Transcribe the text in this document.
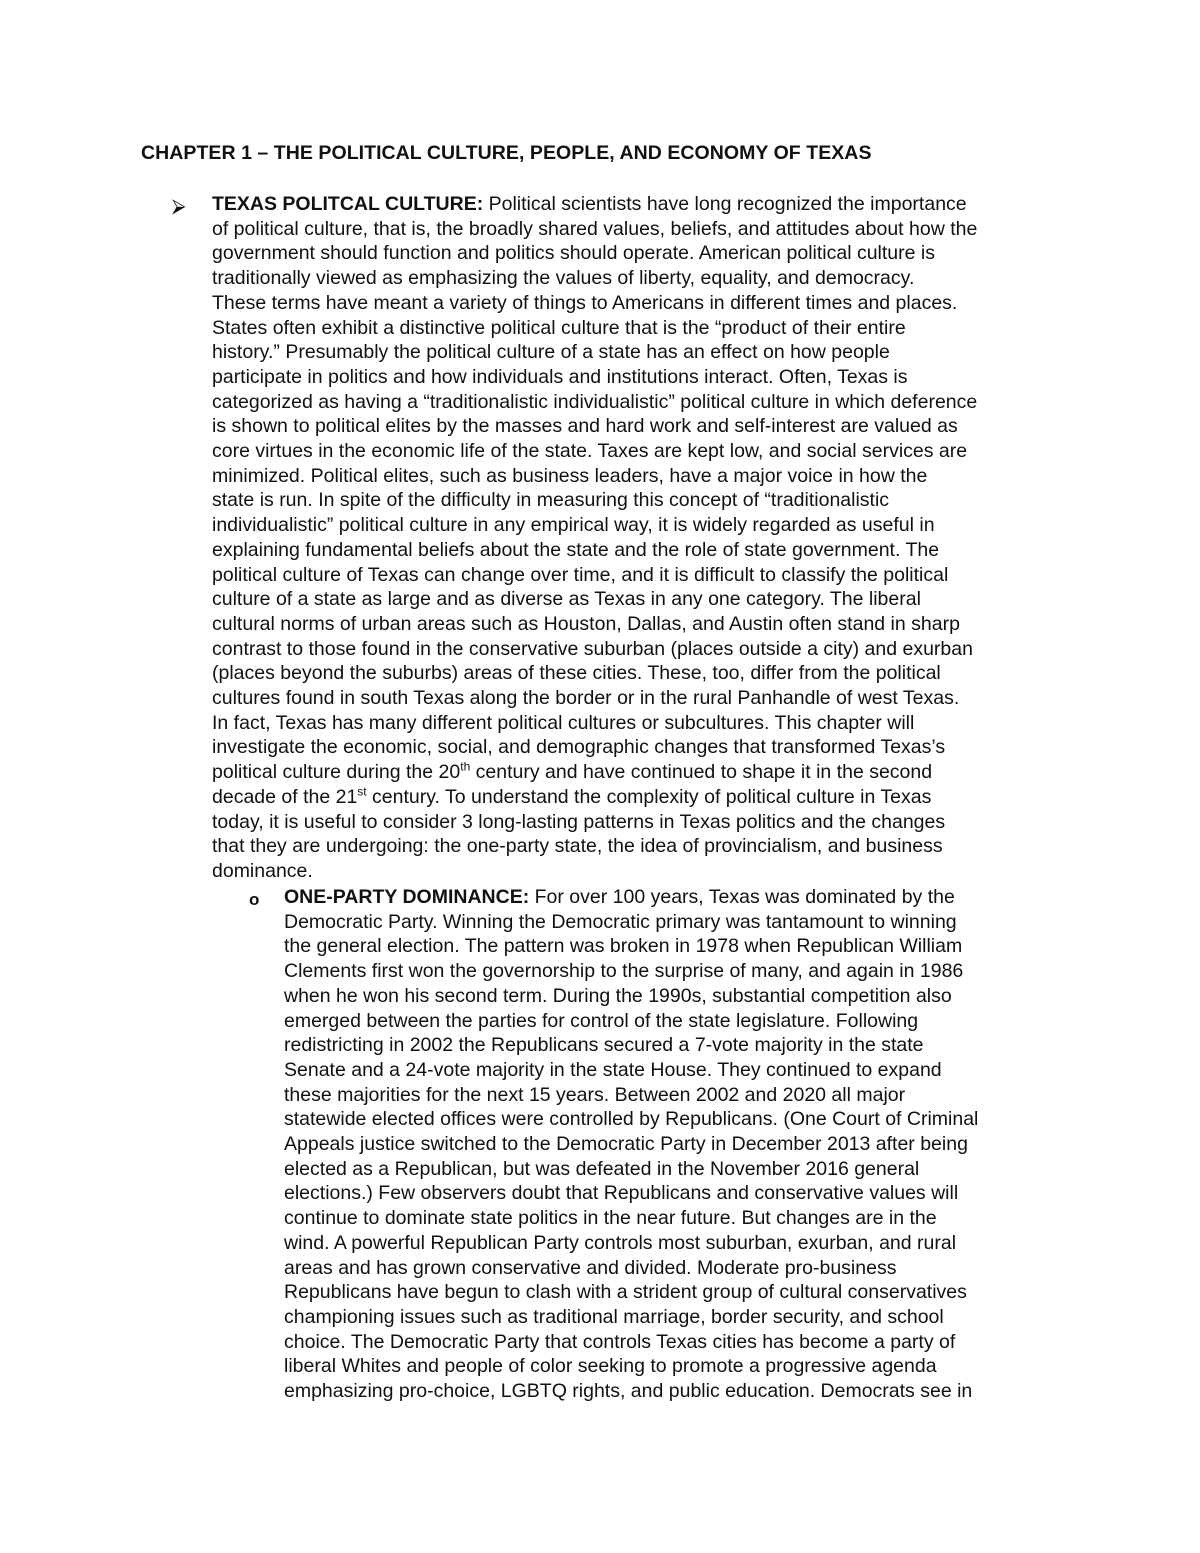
CHAPTER 1 – THE POLITICAL CULTURE, PEOPLE, AND ECONOMY OF TEXAS
⮚ TEXAS POLITCAL CULTURE: Political scientists have long recognized the importance
of political culture, that is, the broadly shared values, beliefs, and attitudes about how the
government should function and politics should operate. American political culture is
traditionally viewed as emphasizing the values of liberty, equality, and democracy.
These terms have meant a variety of things to Americans in different times and places.
States often exhibit a distinctive political culture that is the “product of their entire
history.” Presumably the political culture of a state has an effect on how people
participate in politics and how individuals and institutions interact. Often, Texas is
categorized as having a “traditionalistic individualistic” political culture in which deference
is shown to political elites by the masses and hard work and self-interest are valued as
core virtues in the economic life of the state. Taxes are kept low, and social services are
minimized. Political elites, such as business leaders, have a major voice in how the
state is run. In spite of the difficulty in measuring this concept of “traditionalistic
individualistic” political culture in any empirical way, it is widely regarded as useful in
explaining fundamental beliefs about the state and the role of state government. The
political culture of Texas can change over time, and it is difficult to classify the political
culture of a state as large and as diverse as Texas in any one category. The liberal
cultural norms of urban areas such as Houston, Dallas, and Austin often stand in sharp
contrast to those found in the conservative suburban (places outside a city) and exurban
(places beyond the suburbs) areas of these cities. These, too, differ from the political
cultures found in south Texas along the border or in the rural Panhandle of west Texas.
In fact, Texas has many different political cultures or subcultures. This chapter will
investigate the economic, social, and demographic changes that transformed Texas’s
political culture during the 20th century and have continued to shape it in the second
decade of the 21st century. To understand the complexity of political culture in Texas
today, it is useful to consider 3 long-lasting patterns in Texas politics and the changes
that they are undergoing: the one-party state, the idea of provincialism, and business
dominance.
o ONE-PARTY DOMINANCE: For over 100 years, Texas was dominated by the
Democratic Party. Winning the Democratic primary was tantamount to winning
the general election. The pattern was broken in 1978 when Republican William
Clements first won the governorship to the surprise of many, and again in 1986
when he won his second term. During the 1990s, substantial competition also
emerged between the parties for control of the state legislature. Following
redistricting in 2002 the Republicans secured a 7-vote majority in the state
Senate and a 24-vote majority in the state House. They continued to expand
these majorities for the next 15 years. Between 2002 and 2020 all major
statewide elected offices were controlled by Republicans. (One Court of Criminal
Appeals justice switched to the Democratic Party in December 2013 after being
elected as a Republican, but was defeated in the November 2016 general
elections.) Few observers doubt that Republicans and conservative values will
continue to dominate state politics in the near future. But changes are in the
wind. A powerful Republican Party controls most suburban, exurban, and rural
areas and has grown conservative and divided. Moderate pro-business
Republicans have begun to clash with a strident group of cultural conservatives
championing issues such as traditional marriage, border security, and school
choice. The Democratic Party that controls Texas cities has become a party of
liberal Whites and people of color seeking to promote a progressive agenda
emphasizing pro-choice, LGBTQ rights, and public education. Democrats see in
